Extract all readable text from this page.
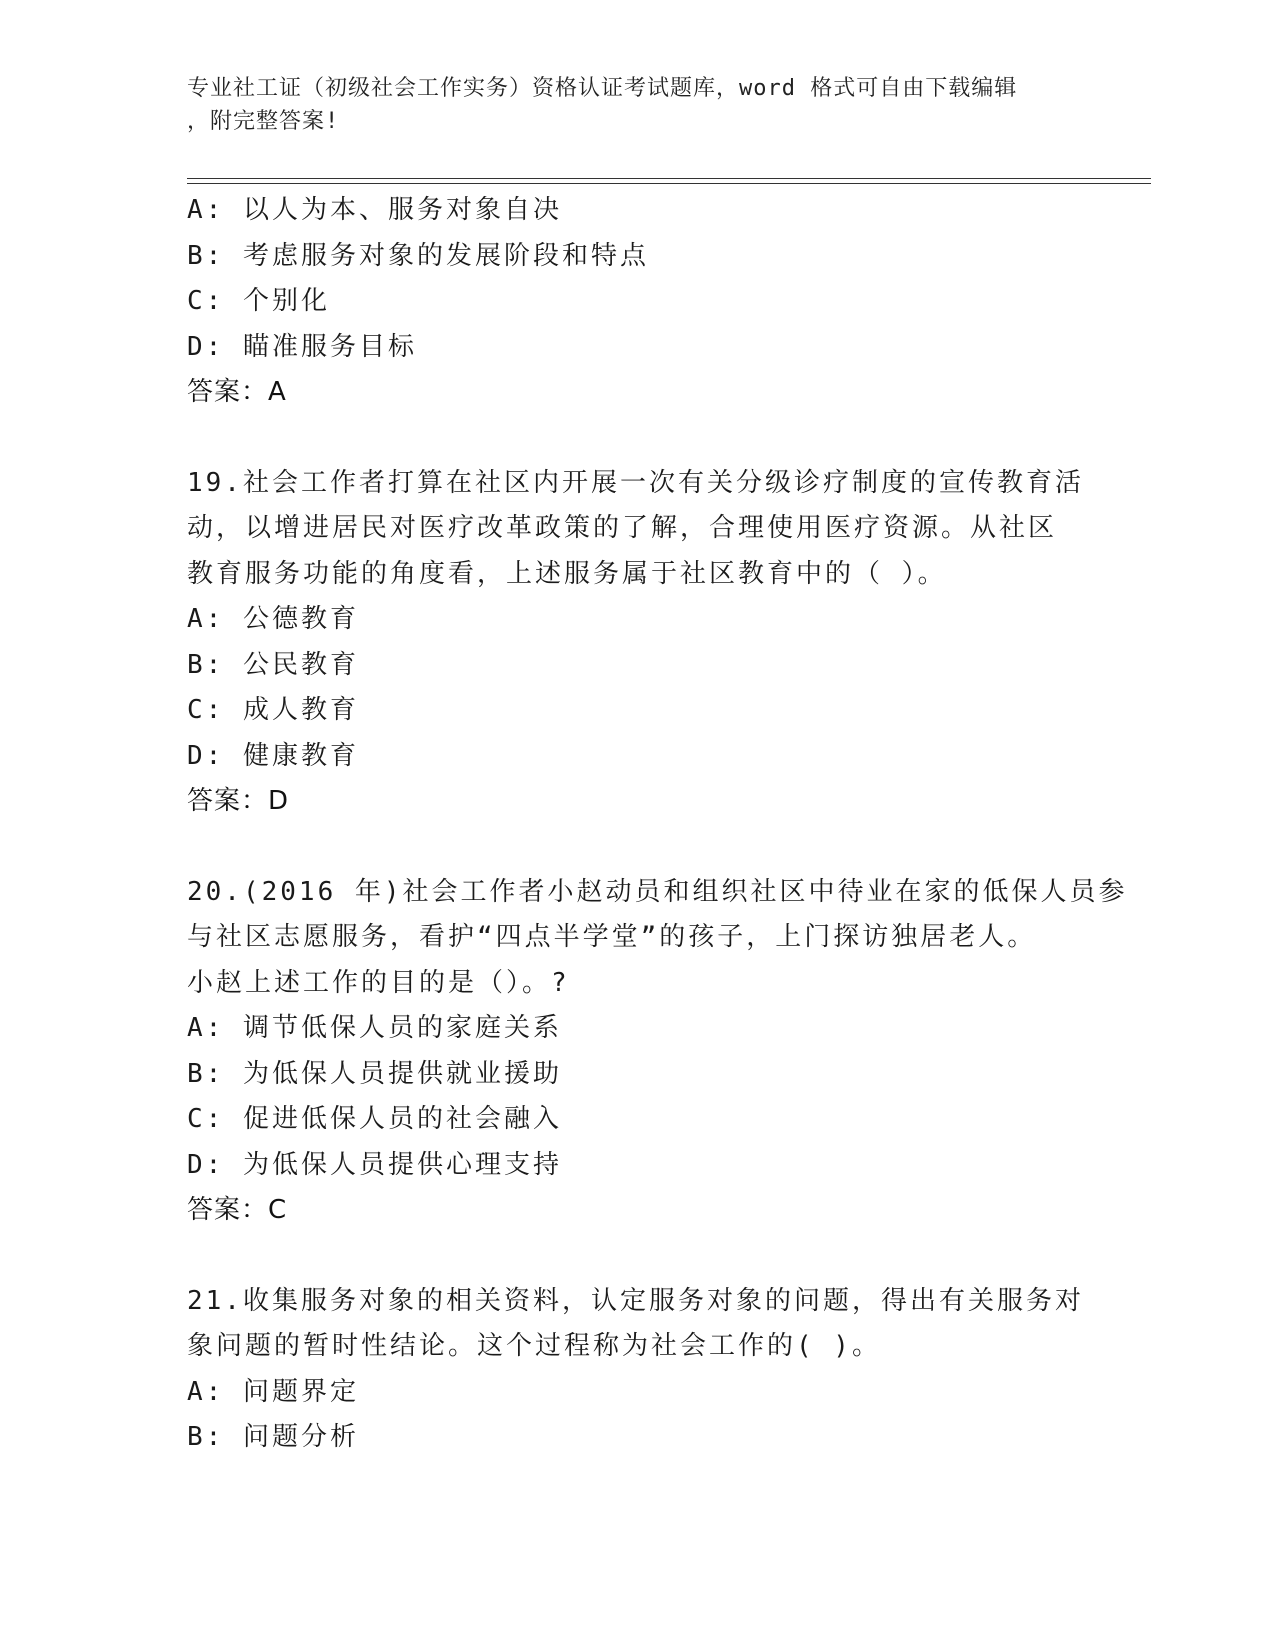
专业社工证（初级社会工作实务）资格认证考试题库，word 格式可自由下载编辑
，附完整答案!
A: 以人为本、服务对象自决
B: 考虑服务对象的发展阶段和特点
C: 个别化
D: 瞄准服务目标
答案：A
19.社会工作者打算在社区内开展一次有关分级诊疗制度的宣传教育活
动，以增进居民对医疗改革政策的了解，合理使用医疗资源。从社区
教育服务功能的角度看，上述服务属于社区教育中的（ ）。
A: 公德教育
B: 公民教育
C: 成人教育
D: 健康教育
答案：D
20.(2016 年)社会工作者小赵动员和组织社区中待业在家的低保人员参
与社区志愿服务，看护“四点半学堂”的孩子，上门探访独居老人。
小赵上述工作的目的是（）。?
A: 调节低保人员的家庭关系
B: 为低保人员提供就业援助
C: 促进低保人员的社会融入
D: 为低保人员提供心理支持
答案：C
21.收集服务对象的相关资料，认定服务对象的问题，得出有关服务对
象问题的暂时性结论。这个过程称为社会工作的( )。
A: 问题界定
B: 问题分析
